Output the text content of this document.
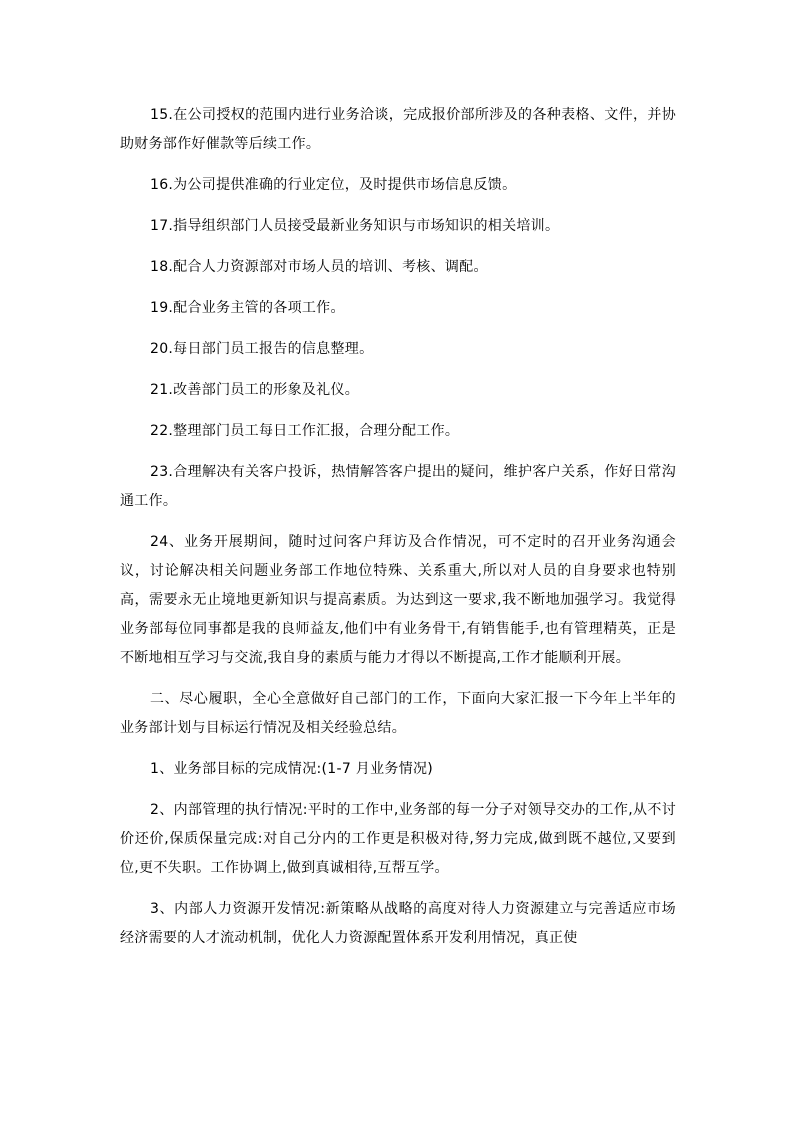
15.在公司授权的范围内进行业务洽谈，完成报价部所涉及的各种表格、文件，并协助财务部作好催款等后续工作。

16.为公司提供准确的行业定位，及时提供市场信息反馈。

17.指导组织部门人员接受最新业务知识与市场知识的相关培训。

18.配合人力资源部对市场人员的培训、考核、调配。

19.配合业务主管的各项工作。

20.每日部门员工报告的信息整理。

21.改善部门员工的形象及礼仪。

22.整理部门员工每日工作汇报，合理分配工作。

23.合理解决有关客户投诉，热情解答客户提出的疑问，维护客户关系，作好日常沟通工作。

24、业务开展期间，随时过问客户拜访及合作情况，可不定时的召开业务沟通会议，讨论解决相关问题业务部工作地位特殊、关系重大,所以对人员的自身要求也特别高，需要永无止境地更新知识与提高素质。为达到这一要求,我不断地加强学习。我觉得业务部每位同事都是我的良师益友,他们中有业务骨干,有销售能手,也有管理精英，正是不断地相互学习与交流,我自身的素质与能力才得以不断提高,工作才能顺利开展。

二、尽心履职，全心全意做好自己部门的工作，下面向大家汇报一下今年上半年的业务部计划与目标运行情况及相关经验总结。

1、业务部目标的完成情况:(1-7 月业务情况)

2、内部管理的执行情况:平时的工作中,业务部的每一分子对领导交办的工作,从不讨价还价,保质保量完成:对自己分内的工作更是积极对待,努力完成,做到既不越位,又要到位,更不失职。工作协调上,做到真诚相待,互帮互学。

3、内部人力资源开发情况:新策略从战略的高度对待人力资源建立与完善适应市场经济需要的人才流动机制，优化人力资源配置体系开发利用情况，真正使
